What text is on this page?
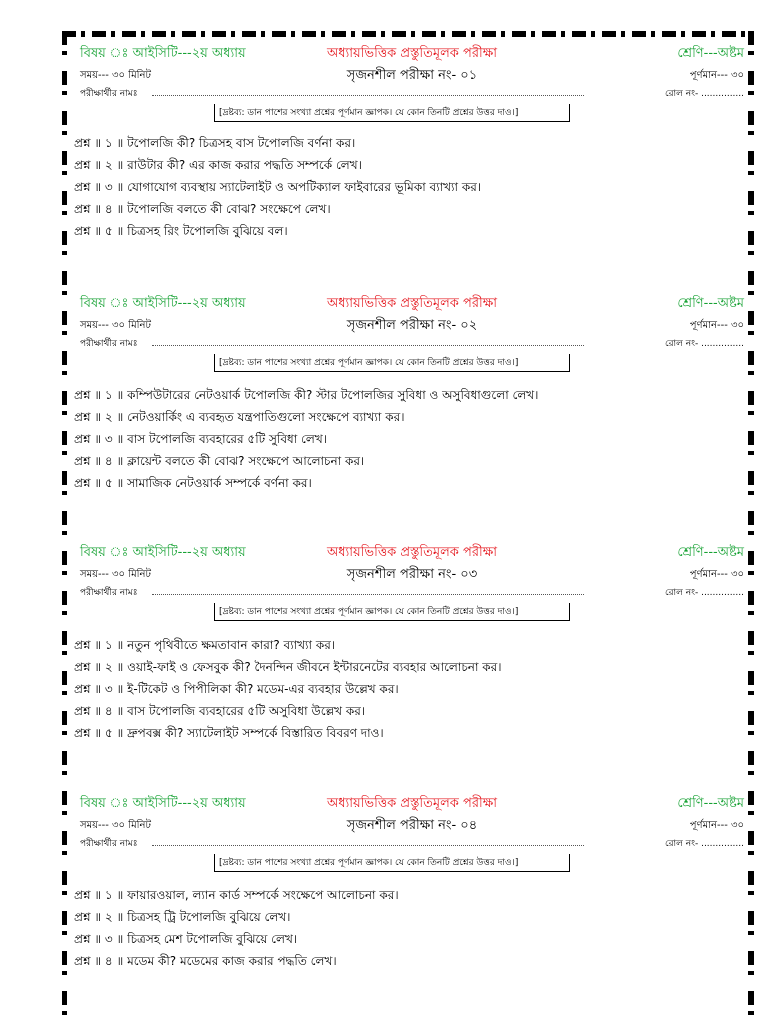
বিষয় ঃ আইসিটি---২য় অধ্যায়	অধ্যায়ভিত্তিক প্রস্তুতিমূলক পরীক্ষা	শ্রেণি---অষ্টম
সময়--- ৩০ মিনিট	সৃজনশীল পরীক্ষা নং- ০১	পূর্ণমান--- ৩০
পরীক্ষার্থীর নামঃ	রোল নং- ...............
[দ্রষ্টব্য: ডান পাশের সংখ্যা প্রশ্নের পূর্ণমান জ্ঞাপক। যে কোন তিনটি প্রশ্নের উত্তর দাও।]
প্রশ্ন ॥ ১ ॥ টপোলজি কী? চিত্রসহ বাস টপোলজি বর্ণনা কর।
প্রশ্ন ॥ ২ ॥ রাউটার কী? এর কাজ করার পদ্ধতি সম্পর্কে লেখ।
প্রশ্ন ॥ ৩ ॥ যোগাযোগ ব্যবস্থায় স্যাটেলাইট ও অপটিক্যাল ফাইবারের ভূমিকা ব্যাখ্যা কর।
প্রশ্ন ॥ ৪ ॥ টপোলজি বলতে কী বোঝ? সংক্ষেপে লেখ।
প্রশ্ন ॥ ৫ ॥ চিত্রসহ রিং টপোলজি বুঝিয়ে বল।
বিষয় ঃ আইসিটি---২য় অধ্যায়	অধ্যায়ভিত্তিক প্রস্তুতিমূলক পরীক্ষা	শ্রেণি---অষ্টম
সময়--- ৩০ মিনিট	সৃজনশীল পরীক্ষা নং- ০২	পূর্ণমান--- ৩০
পরীক্ষার্থীর নামঃ	রোল নং- ...............
[দ্রষ্টব্য: ডান পাশের সংখ্যা প্রশ্নের পূর্ণমান জ্ঞাপক। যে কোন তিনটি প্রশ্নের উত্তর দাও।]
প্রশ্ন ॥ ১ ॥ কম্পিউটারের নেটওয়ার্ক টপোলজি কী? স্টার টপোলজির সুবিধা ও অসুবিধাগুলো লেখ।
প্রশ্ন ॥ ২ ॥ নেটওয়ার্কিং এ ব্যবহৃত যন্ত্রপাতিগুলো সংক্ষেপে ব্যাখ্যা কর।
প্রশ্ন ॥ ৩ ॥ বাস টপোলজি ব্যবহারের ৫টি সুবিধা লেখ।
প্রশ্ন ॥ ৪ ॥ ক্লায়েন্ট বলতে কী বোঝ? সংক্ষেপে আলোচনা কর।
প্রশ্ন ॥ ৫ ॥ সামাজিক নেটওয়ার্ক সম্পর্কে বর্ণনা কর।
বিষয় ঃ আইসিটি---২য় অধ্যায়	অধ্যায়ভিত্তিক প্রস্তুতিমূলক পরীক্ষা	শ্রেণি---অষ্টম
সময়--- ৩০ মিনিট	সৃজনশীল পরীক্ষা নং- ০৩	পূর্ণমান--- ৩০
পরীক্ষার্থীর নামঃ	রোল নং- ...............
[দ্রষ্টব্য: ডান পাশের সংখ্যা প্রশ্নের পূর্ণমান জ্ঞাপক। যে কোন তিনটি প্রশ্নের উত্তর দাও।]
প্রশ্ন ॥ ১ ॥ নতুন পৃথিবীতে ক্ষমতাবান কারা? ব্যাখ্যা কর।
প্রশ্ন ॥ ২ ॥ ওয়াই-ফাই ও ফেসবুক কী? দৈনন্দিন জীবনে ইন্টারনেটের ব্যবহার আলোচনা কর।
প্রশ্ন ॥ ৩ ॥ ই-টিকেট ও পিপীলিকা কী? মডেম-এর ব্যবহার উল্লেখ কর।
প্রশ্ন ॥ ৪ ॥ বাস টপোলজি ব্যবহারের ৫টি অসুবিধা উল্লেখ কর।
প্রশ্ন ॥ ৫ ॥ দ্রুপবক্স কী? স্যাটেলাইট সম্পর্কে বিস্তারিত বিবরণ দাও।
বিষয় ঃ আইসিটি---২য় অধ্যায়	অধ্যায়ভিত্তিক প্রস্তুতিমূলক পরীক্ষা	শ্রেণি---অষ্টম
সময়--- ৩০ মিনিট	সৃজনশীল পরীক্ষা নং- ০৪	পূর্ণমান--- ৩০
পরীক্ষার্থীর নামঃ	রোল নং- ...............
[দ্রষ্টব্য: ডান পাশের সংখ্যা প্রশ্নের পূর্ণমান জ্ঞাপক। যে কোন তিনটি প্রশ্নের উত্তর দাও।]
প্রশ্ন ॥ ১ ॥ ফায়ারওয়াল, ল্যান কার্ড সম্পর্কে সংক্ষেপে আলোচনা কর।
প্রশ্ন ॥ ২ ॥ চিত্রসহ ট্রি টপোলজি বুঝিয়ে লেখ।
প্রশ্ন ॥ ৩ ॥ চিত্রসহ মেশ টপোলজি বুঝিয়ে লেখ।
প্রশ্ন ॥ ৪ ॥ মডেম কী? মডেমের কাজ করার পদ্ধতি লেখ।
